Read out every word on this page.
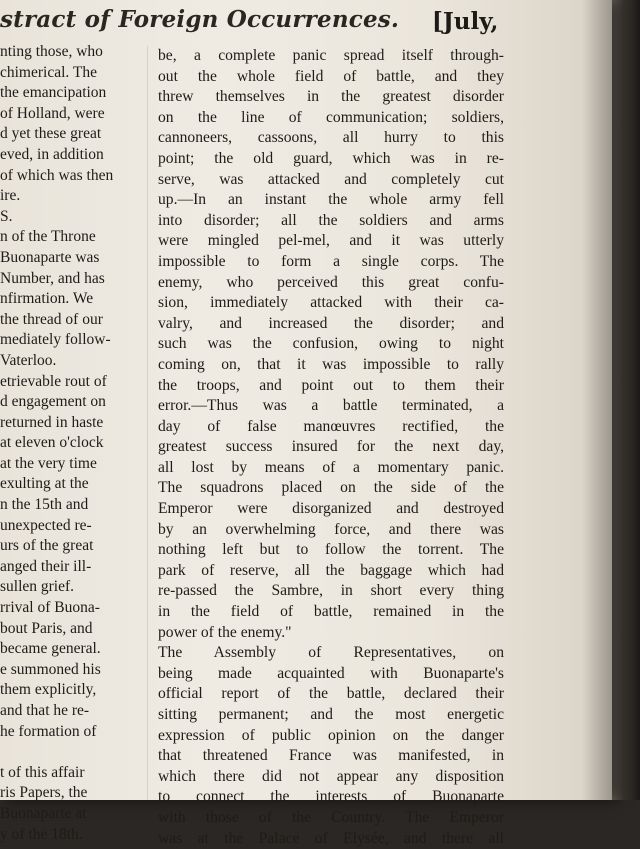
stract of Foreign Occurrences. [July,
nting those, who
chimerical. The
the emancipation
of Holland, were
d yet these great
eved, in addition
of which was then
ire.
S.
n of the Throne
Buonaparte was
Number, and has
nfirmation. We
the thread of our
mediately follow-
Vaterloo.
etrievable rout of
d engagement on
returned in haste
at eleven o'clock
at the very time
exulting at the
n the 15th and
unexpected re-
urs of the great
anged their ill-
sullen grief.
rrival of Buona-
bout Paris, and
became general.
e summoned his
them explicitly,
and that he re-
he formation of

t of this affair
ris Papers, the
Buonaparte at
y of the 18th.
be, a complete panic spread itself through-
out the whole field of battle, and they
threw themselves in the greatest disorder
on the line of communication; soldiers,
cannoneers, cassoons, all hurry to this
point; the old guard, which was in re-
serve, was attacked and completely cut
up.—In an instant the whole army fell
into disorder; all the soldiers and arms
were mingled pel-mel, and it was utterly
impossible to form a single corps. The
enemy, who perceived this great confu-
sion, immediately attacked with their ca-
valry, and increased the disorder; and
such was the confusion, owing to night
coming on, that it was impossible to rally
the troops, and point out to them their
error.—Thus was a battle terminated, a
day of false manœuvres rectified, the
greatest success insured for the next day,
all lost by means of a momentary panic.
The squadrons placed on the side of the
Emperor were disorganized and destroyed
by an overwhelming force, and there was
nothing left but to follow the torrent. The
park of reserve, all the baggage which had
re-passed the Sambre, in short every thing
in the field of battle, remained in the
power of the enemy."
The Assembly of Representatives, on
being made acquainted with Buonaparte's
official report of the battle, declared their
sitting permanent; and the most energetic
expression of public opinion on the danger
that threatened France was manifested, in
which there did not appear any disposition
to connect the interests of Buonaparte
with those of the Country. The Emperor
was at the Palace of Elysée, and there all
